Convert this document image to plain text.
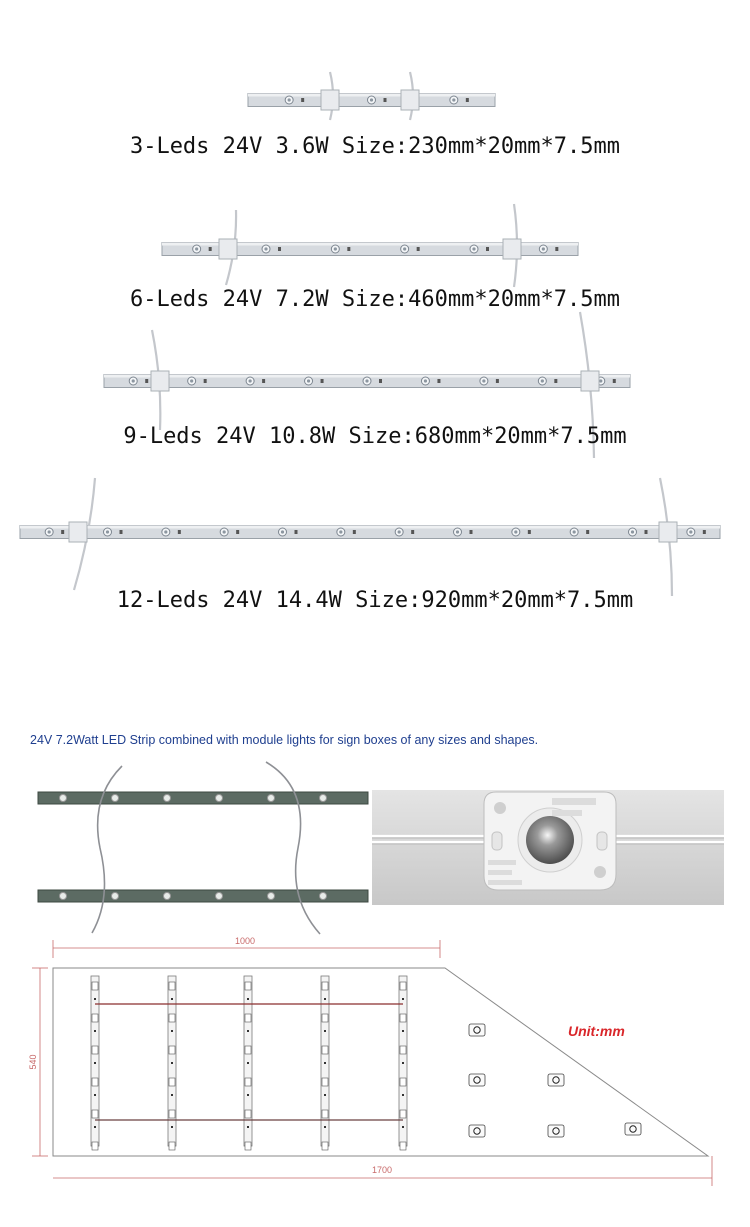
3-Leds 24V 3.6W Size:230mm*20mm*7.5mm
6-Leds 24V 7.2W Size:460mm*20mm*7.5mm
9-Leds 24V 10.8W Size:680mm*20mm*7.5mm
12-Leds 24V 14.4W Size:920mm*20mm*7.5mm
24V 7.2Watt LED Strip combined with module lights for sign boxes of any sizes and shapes.
1000
540
1700
Unit:mm
